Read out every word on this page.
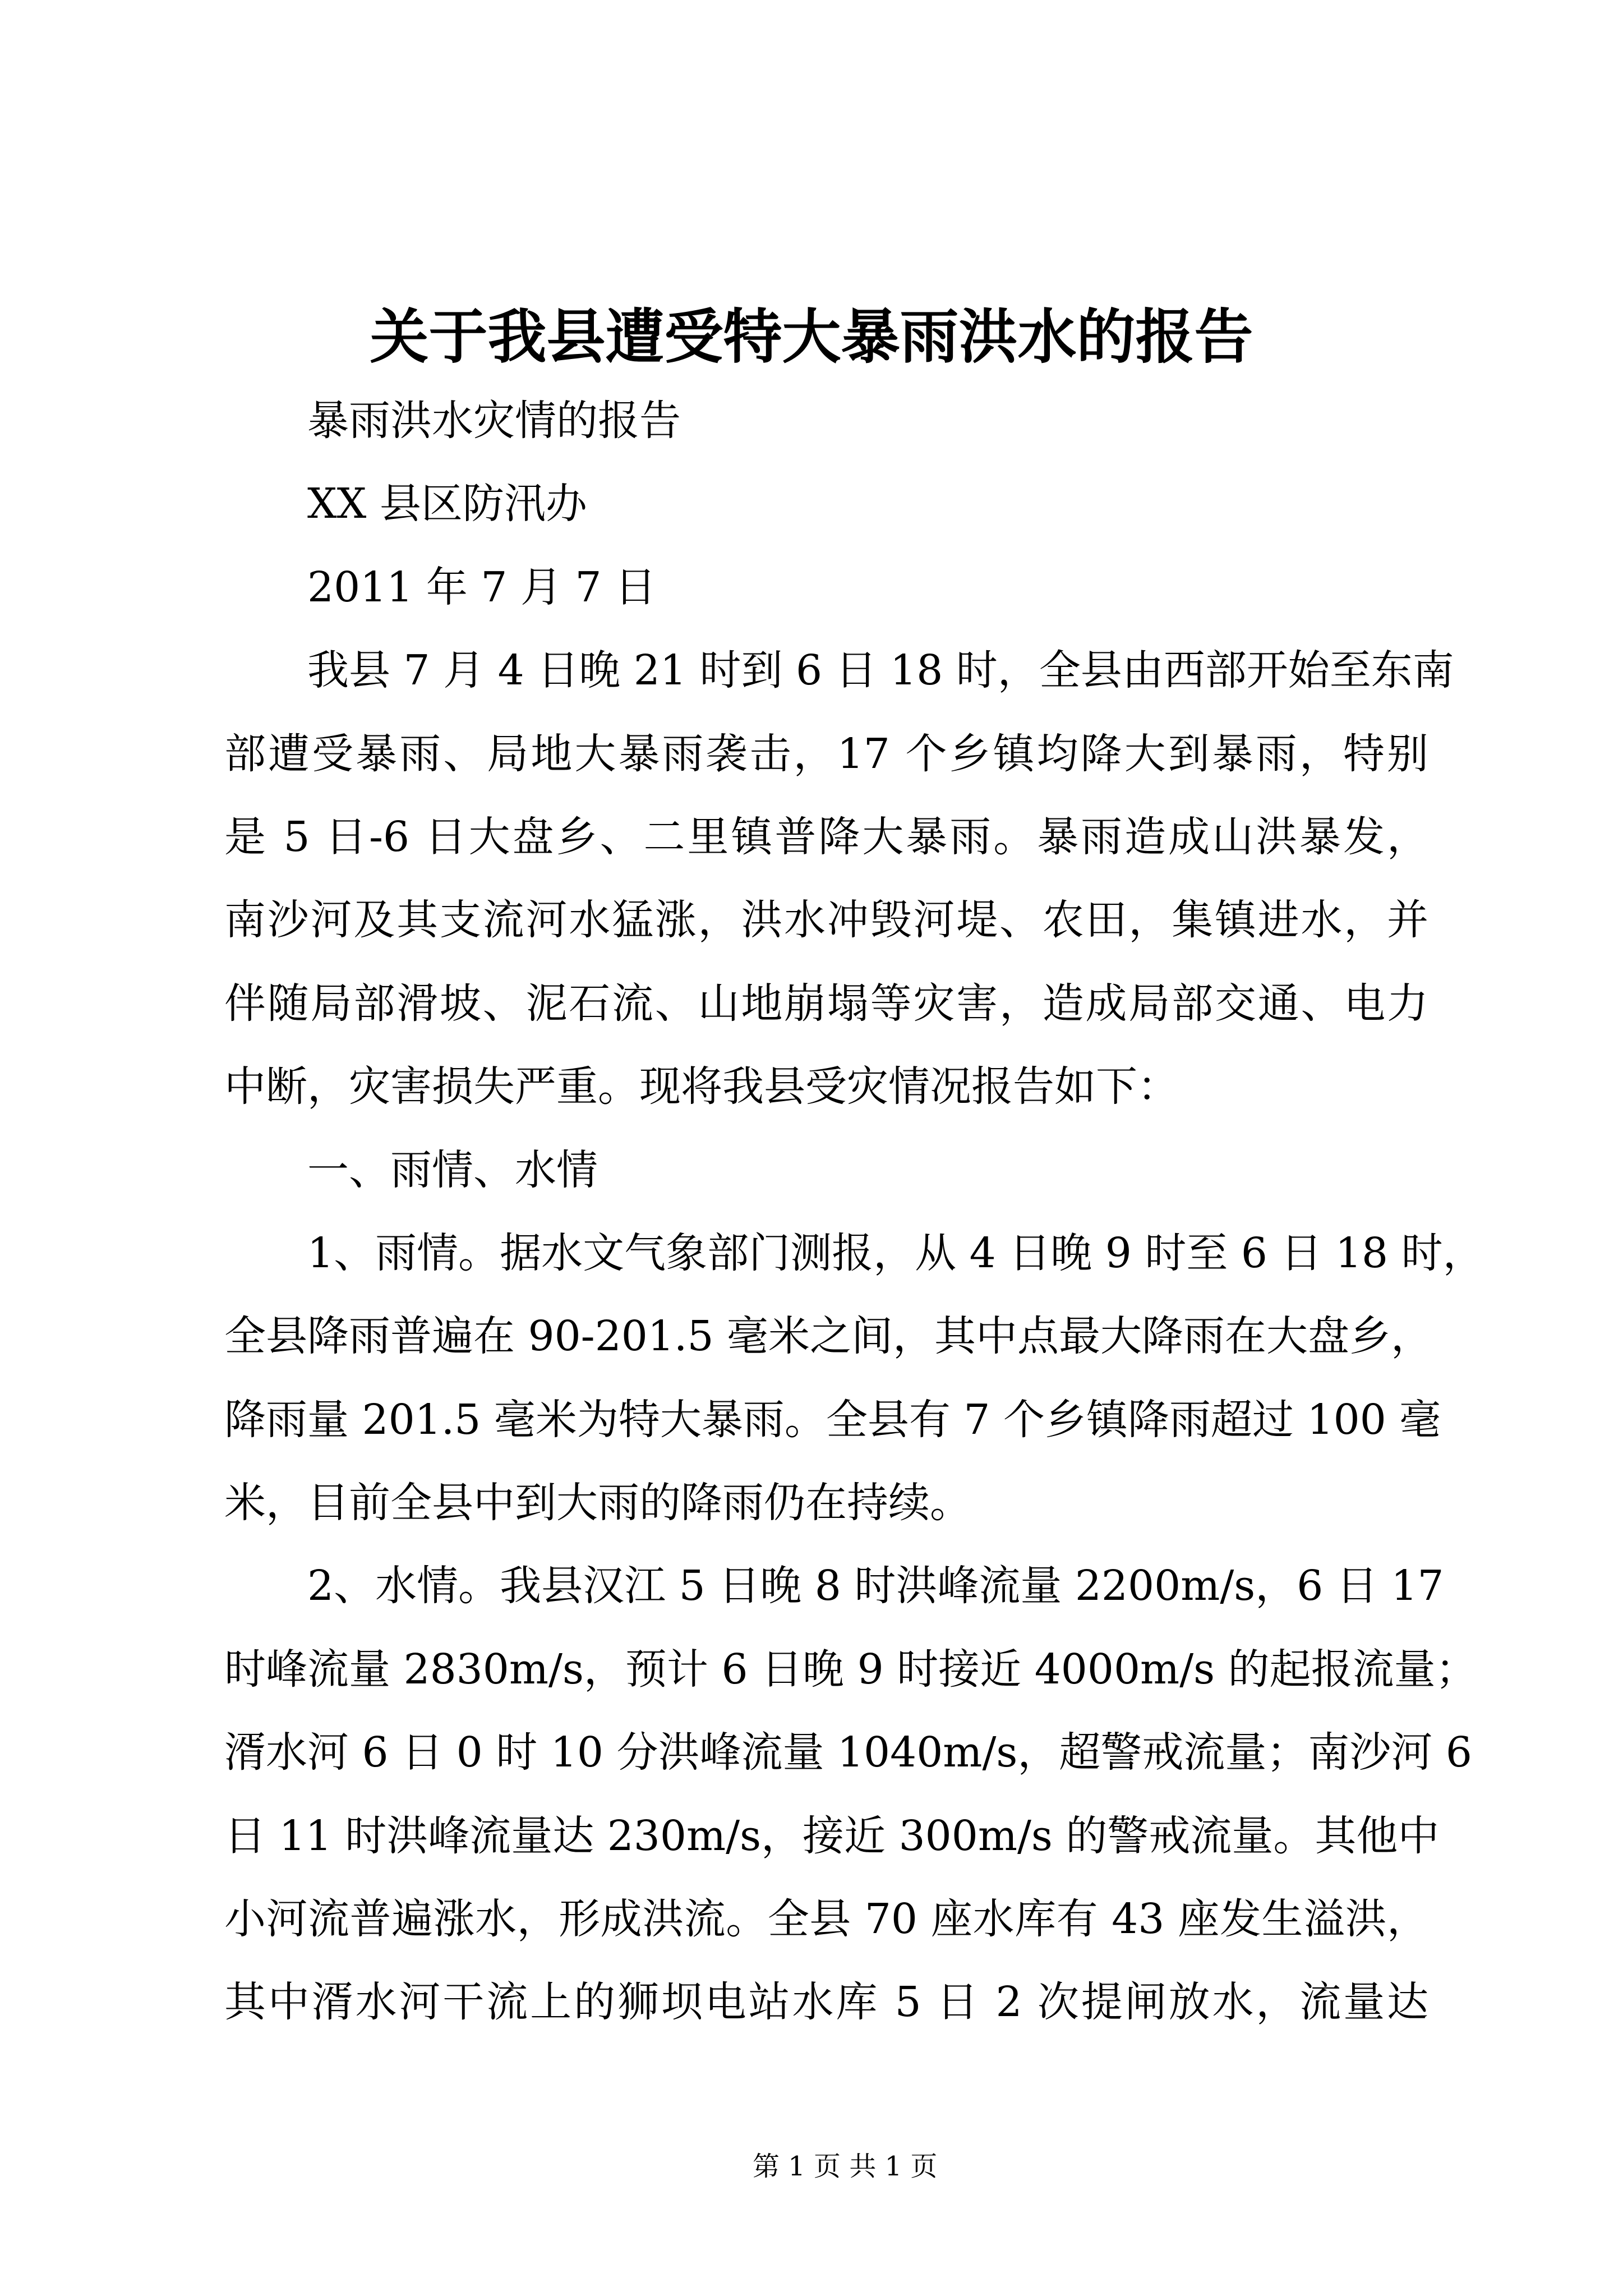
关于我县遭受特大暴雨洪水的报告
暴雨洪水灾情的报告
XX 县区防汛办
2011 年 7 月 7 日
我县 7 月 4 日晚 21 时到 6 日 18 时，全县由西部开始至东南
部遭受暴雨、局地大暴雨袭击，17 个乡镇均降大到暴雨，特别
是 5 日-6 日大盘乡、二里镇普降大暴雨。暴雨造成山洪暴发，
南沙河及其支流河水猛涨，洪水冲毁河堤、农田，集镇进水，并
伴随局部滑坡、泥石流、山地崩塌等灾害，造成局部交通、电力
中断，灾害损失严重。现将我县受灾情况报告如下：
一、雨情、水情
1、雨情。据水文气象部门测报，从 4 日晚 9 时至 6 日 18 时，
全县降雨普遍在 90-201.5 毫米之间，其中点最大降雨在大盘乡，
降雨量 201.5 毫米为特大暴雨。全县有 7 个乡镇降雨超过 100 毫
米，目前全县中到大雨的降雨仍在持续。
2、水情。我县汉江 5 日晚 8 时洪峰流量 2200m/s，6 日 17
时峰流量 2830m/s，预计 6 日晚 9 时接近 4000m/s 的起报流量；
湑水河 6 日 0 时 10 分洪峰流量 1040m/s，超警戒流量；南沙河 6
日 11 时洪峰流量达 230m/s，接近 300m/s 的警戒流量。其他中
小河流普遍涨水，形成洪流。全县 70 座水库有 43 座发生溢洪，
其中湑水河干流上的狮坝电站水库 5 日 2 次提闸放水，流量达
第 1 页 共 1 页
